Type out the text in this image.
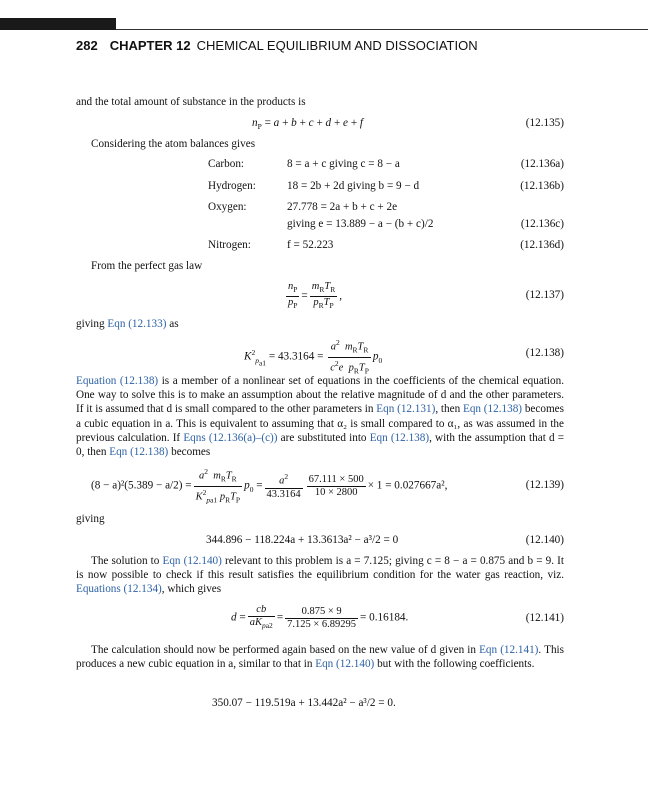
282 CHAPTER 12 CHEMICAL EQUILIBRIUM AND DISSOCIATION
and the total amount of substance in the products is
$n_P = a + b + c + d + e + f$	(12.135)
Considering the atom balances gives
Carbon:	8 = a + c giving c = 8 − a	(12.136a)
Hydrogen:	18 = 2b + 2d giving b = 9 − d	(12.136b)
Oxygen:	27.778 = 2a + b + c + 2e
giving e = 13.889 − a − (b + c)/2	(12.136c)
Nitrogen:	f = 52.223	(12.136d)
From the perfect gas law
$\frac{n_P}{p_P} = \frac{m_RT_R}{p_RT_P}$ ,	(12.137)
giving Eqn (12.133) as
$K^2_{p_{a1}} = 43.3164 = \frac{a^2 m_RT_R}{c^2e p_RT_P} p_0$
(12.138)
Equation (12.138) is a member of a nonlinear set of equations in the coefficients of the chemical equation. One way to solve this is to make an assumption about the relative magnitude of d and the other parameters. If it is assumed that d is small compared to the other parameters in Eqn (12.131), then Eqn (12.138) becomes a cubic equation in a. This is equivalent to assuming that α₂ is small compared to α₁, as was assumed in the previous calculation. If Eqns (12.136(a)–(c)) are substituted into Eqn (12.138), with the assumption that d = 0, then Eqn (12.138) becomes
$(8 - a)^2(5.389 - a/2) = \frac{a^2 m_RT_R}{K^2_{pa1} p_RT_P} p_0 = \frac{a^2}{43.3164} \frac{67.111 \times 500}{10 \times 2800} \times 1 = 0.027667a^2$,	(12.139)
giving
344.896 − 118.224a + 13.3613a² − a³/2 = 0	(12.140)
The solution to Eqn (12.140) relevant to this problem is a = 7.125; giving c = 8 − a = 0.875 and b = 9. It is now possible to check if this result satisfies the equilibrium condition for the water gas reaction, viz. Equations (12.134), which gives
$d = \frac{cb}{aK_{pa2}} = \frac{0.875 \times 9}{7.125 \times 6.89295} = 0.16184$.	(12.141)
The calculation should now be performed again based on the new value of d given in Eqn (12.141). This produces a new cubic equation in a, similar to that in Eqn (12.140) but with the following coefficients.
350.07 − 119.519a + 13.442a² − a³/2 = 0.
